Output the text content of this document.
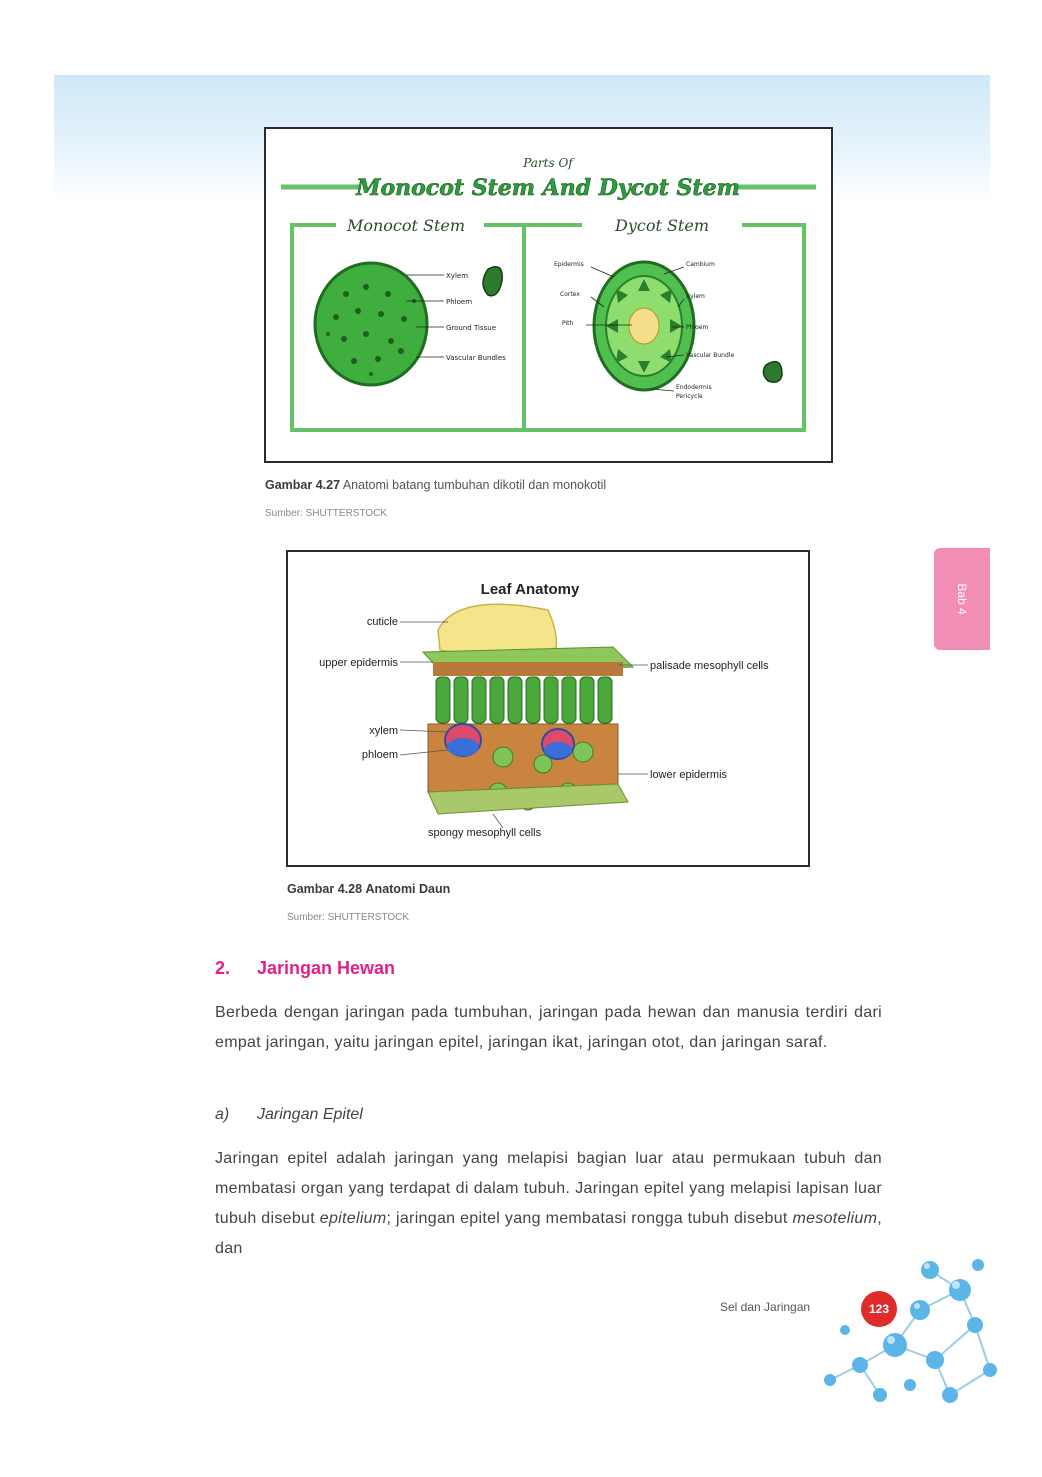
Parts Of
Monocot Stem And Dycot Stem
Monocot Stem	Dycot Stem
Xylem
Phloem
Ground Tissue
Vascular Bundles
Epidermis
Cortex
Pith
Cambium
Xylem
Phloem
Vascular Bundle
Endodermis
Pericycle
Gambar 4.27 Anatomi batang tumbuhan dikotil dan monokotil
Sumber: SHUTTERSTOCK
Leaf Anatomy
cuticle
upper epidermis	palisade mesophyll cells
xylem
phloem
lower epidermis
spongy mesophyll cells
Gambar 4.28 Anatomi Daun
Sumber: SHUTTERSTOCK
Bab 4
2. Jaringan Hewan

Berbeda dengan jaringan pada tumbuhan, jaringan pada hewan dan manusia terdiri dari empat jaringan, yaitu jaringan epitel, jaringan ikat, jaringan otot, dan jaringan saraf.

a) Jaringan Epitel

Jaringan epitel adalah jaringan yang melapisi bagian luar atau permukaan tubuh dan membatasi organ yang terdapat di dalam tubuh. Jaringan epitel yang melapisi lapisan luar tubuh disebut epitelium; jaringan epitel yang membatasi rongga tubuh disebut mesotelium, dan

Sel dan Jaringan	123
